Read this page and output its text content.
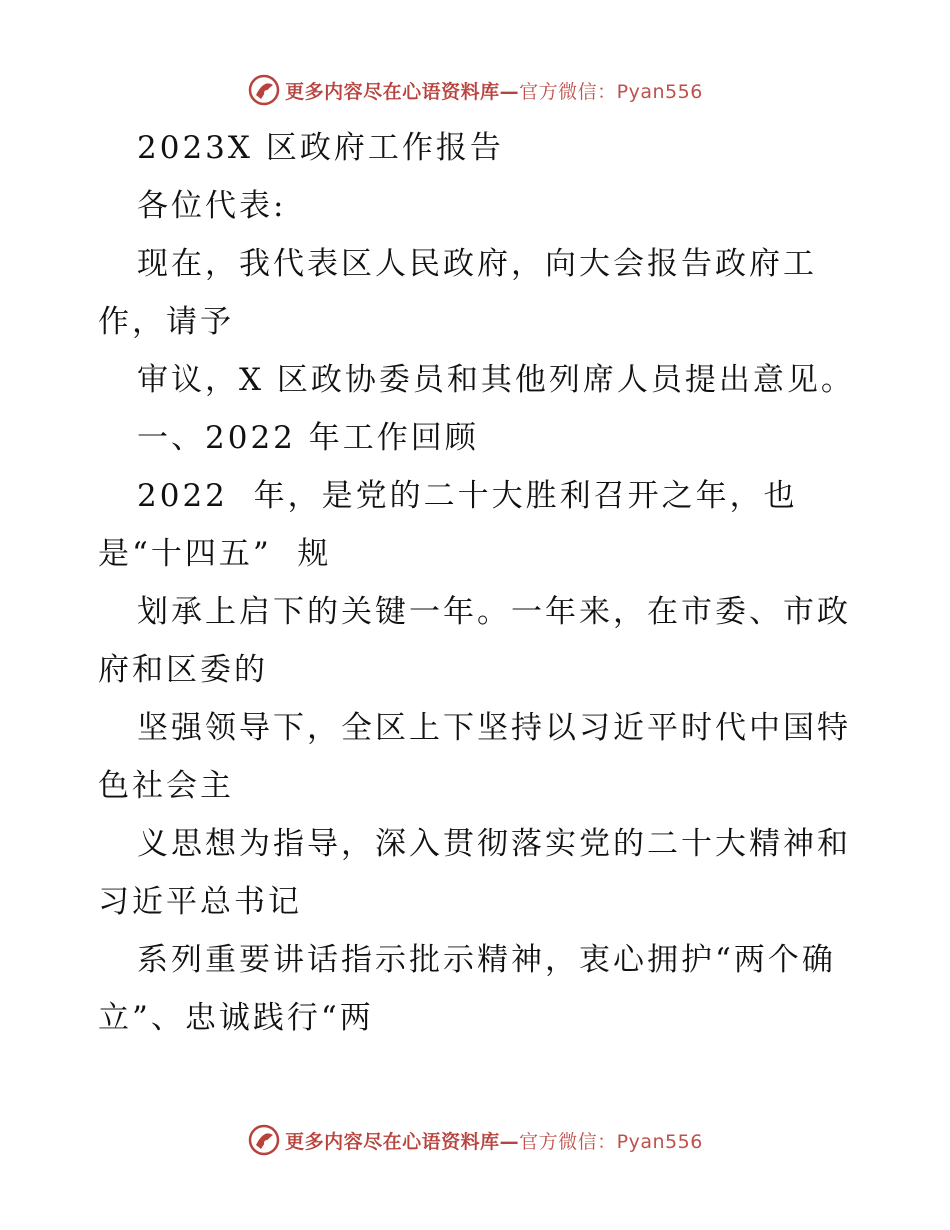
更多内容尽在心语资料库—官方微信：Pyan556
2023X 区政府工作报告
各位代表:
现在，我代表区人民政府，向大会报告政府工
作，请予
审议，X 区政协委员和其他列席人员提出意见。
一、2022 年工作回顾
2022  年，是党的二十大胜利召开之年，也
是“十四五”  规
划承上启下的关键一年。一年来，在市委、市政
府和区委的
坚强领导下，全区上下坚持以习近平时代中国特
色社会主
义思想为指导，深入贯彻落实党的二十大精神和
习近平总书记
系列重要讲话指示批示精神，衷心拥护“两个确
立”、忠诚践行“两
更多内容尽在心语资料库—官方微信：Pyan556
